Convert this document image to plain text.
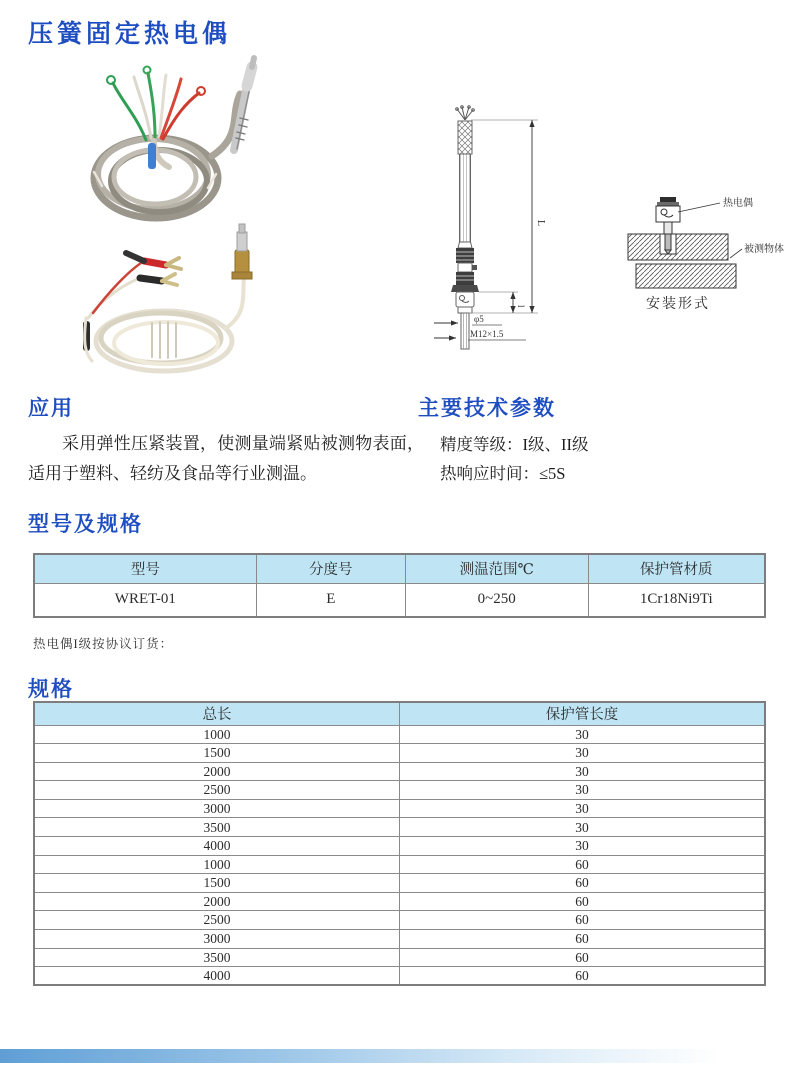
压簧固定热电偶
L
l
φ5
M12×1.5
热电偶
被测物体
安装形式
应用

采用弹性压紧装置，使测量端紧贴被测物表面，适用于塑料、轻纺及食品等行业测温。

主要技术参数
精度等级：I级、II级
热响应时间：≤5S
型号及规格
型号	分度号	测温范围℃	保护管材质
WRET-01	E	0~250	1Cr18Ni9Ti
热电偶I级按协议订货：
规格
总长	保护管长度
1000	30
1500	30
2000	30
2500	30
3000	30
3500	30
4000	30
1000	60
1500	60
2000	60
2500	60
3000	60
3500	60
4000	60
